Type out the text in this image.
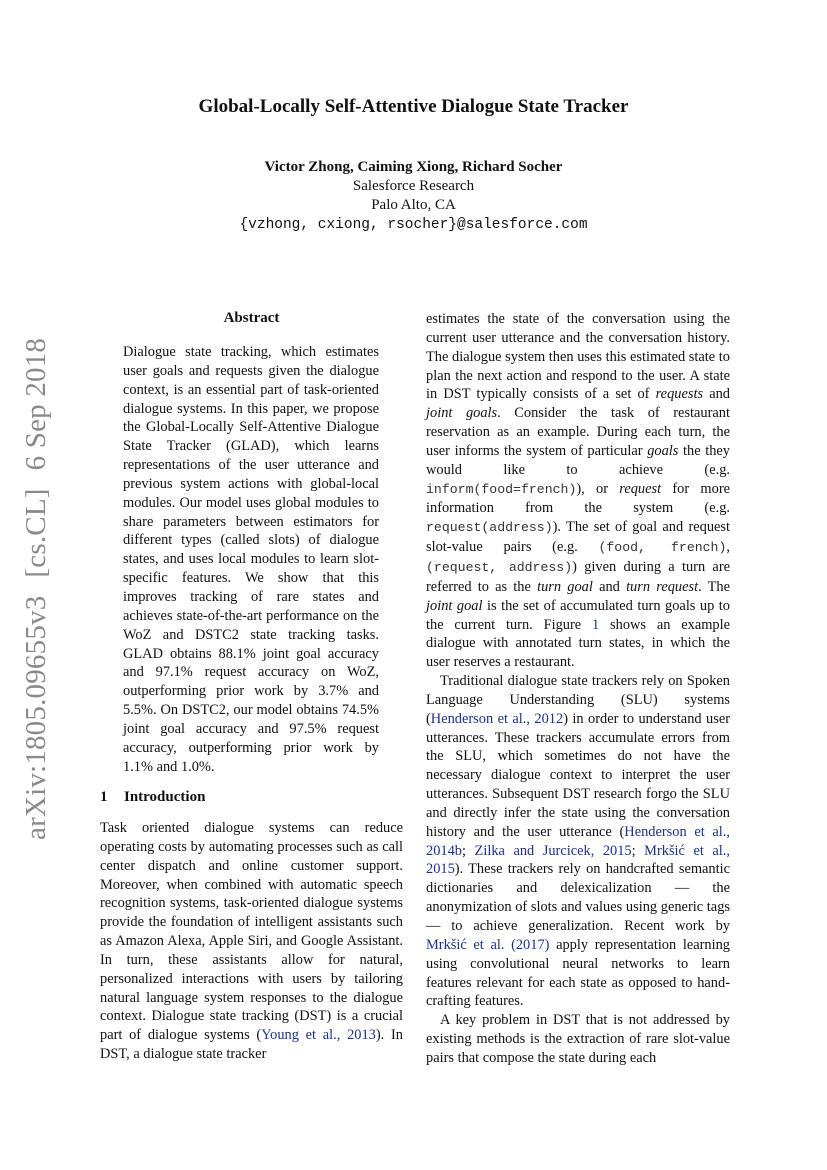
arXiv:1805.09655v3[cs.CL]6 Sep 2018
Global-Locally Self-Attentive Dialogue State Tracker
Victor Zhong, Caiming Xiong, Richard Socher
Salesforce Research
Palo Alto, CA
{vzhong, cxiong, rsocher}@salesforce.com
Abstract
Dialogue state tracking, which estimates user goals and requests given the dialogue context, is an essential part of task-oriented dialogue systems. In this paper, we propose the Global-Locally Self-Attentive Dialogue State Tracker (GLAD), which learns representations of the user utterance and previous system actions with global-local modules. Our model uses global modules to share parameters between estimators for different types (called slots) of dialogue states, and uses local modules to learn slot-specific features. We show that this improves tracking of rare states and achieves state-of-the-art performance on the WoZ and DSTC2 state tracking tasks. GLAD obtains 88.1% joint goal accuracy and 97.1% request accuracy on WoZ, outperforming prior work by 3.7% and 5.5%. On DSTC2, our model obtains 74.5% joint goal accuracy and 97.5% request accuracy, outperforming prior work by 1.1% and 1.0%.
1 Introduction

Task oriented dialogue systems can reduce operating costs by automating processes such as call center dispatch and online customer support. Moreover, when combined with automatic speech recognition systems, task-oriented dialogue systems provide the foundation of intelligent assistants such as Amazon Alexa, Apple Siri, and Google Assistant. In turn, these assistants allow for natural, personalized interactions with users by tailoring natural language system responses to the dialogue context. Dialogue state tracking (DST) is a crucial part of dialogue systems (Young et al., 2013). In DST, a dialogue state tracker

estimates the state of the conversation using the current user utterance and the conversation history. The dialogue system then uses this estimated state to plan the next action and respond to the user. A state in DST typically consists of a set of requests and joint goals. Consider the task of restaurant reservation as an example. During each turn, the user informs the system of particular goals the they would like to achieve (e.g. inform(food=french)), or request for more information from the system (e.g. request(address)). The set of goal and request slot-value pairs (e.g. (food, french), (request, address)) given during a turn are referred to as the turn goal and turn request. The joint goal is the set of accumulated turn goals up to the current turn. Figure 1 shows an example dialogue with annotated turn states, in which the user reserves a restaurant.

Traditional dialogue state trackers rely on Spoken Language Understanding (SLU) systems (Henderson et al., 2012) in order to understand user utterances. These trackers accumulate errors from the SLU, which sometimes do not have the necessary dialogue context to interpret the user utterances. Subsequent DST research forgo the SLU and directly infer the state using the conversation history and the user utterance (Henderson et al., 2014b; Zilka and Jurcicek, 2015; Mrkšić et al., 2015). These trackers rely on handcrafted semantic dictionaries and delexicalization — the anonymization of slots and values using generic tags — to achieve generalization. Recent work by Mrkšić et al. (2017) apply representation learning using convolutional neural networks to learn features relevant for each state as opposed to hand-crafting features.

A key problem in DST that is not addressed by existing methods is the extraction of rare slot-value pairs that compose the state during each
